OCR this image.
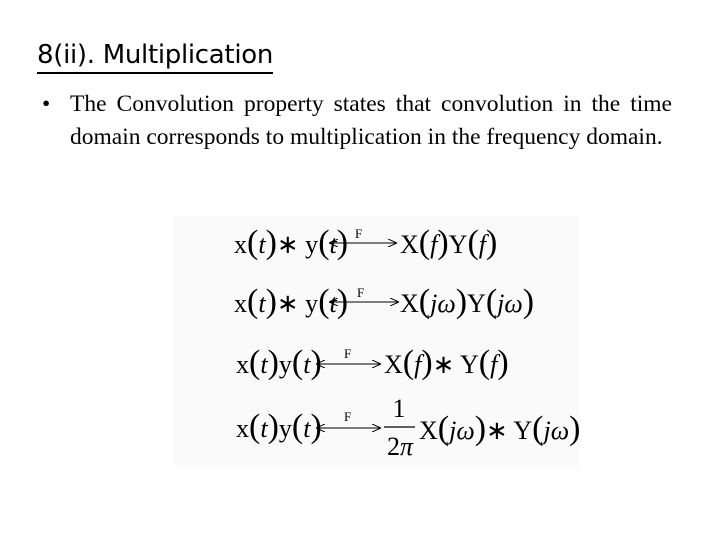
8(ii). Multiplication
• The Convolution property states that convolution in the time domain corresponds to multiplication in the frequency domain.
x(t)∗ y(t) F X(f)Y(f)
x(t)∗ y(t) F X(jω)Y(jω)
x(t)y(t) F X(f)∗ Y(f)
x(t)y(t) F 1
2π
X(jω)∗ Y(jω)
